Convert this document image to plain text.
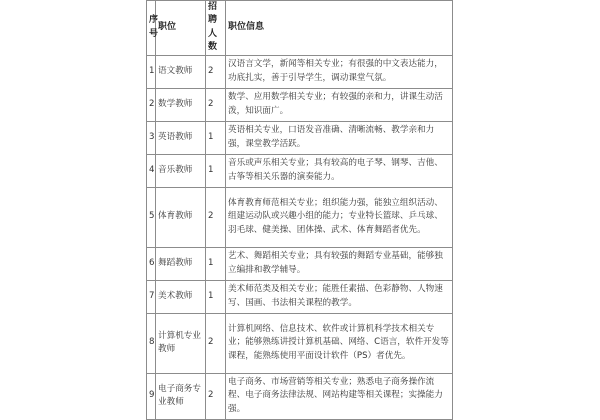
序号	职位	招聘人数	职位信息
1	语文教师	2	汉语言文学，新闻等相关专业；有很强的中文表达能力，功底扎实，善于引导学生，调动课堂气氛。
2	数学教师	2	数学、应用数学相关专业；有较强的亲和力，讲课生动活泼，知识面广。
3	英语教师	1	英语相关专业，口语发音准确、清晰流畅、教学亲和力强，课堂教学活跃。
4	音乐教师	1	音乐或声乐相关专业；具有较高的电子琴、钢琴、吉他、古筝等相关乐器的演奏能力。
5	体育教师	2	体育教育师范相关专业；组织能力强，能独立组织活动、组建运动队或兴趣小组的能力；专业特长篮球、乒乓球、羽毛球、健美操、团体操、武术、体育舞蹈者优先。
6	舞蹈教师	1	艺术、舞蹈相关专业；具有较强的舞蹈专业基础，能够独立编排和教学辅导。
7	美术教师	1	美术师范类及相关专业；能胜任素描、色彩静物、人物速写、国画、书法相关课程的教学。
8	计算机专业教师	2	计算机网络、信息技术、软件或计算机科学技术相关专业；能够熟练讲授计算机基础、网络、C语言，软件开发等课程，能熟练使用平面设计软件（PS）者优先。
9	电子商务专业教师	2	电子商务、市场营销等相关专业；熟悉电子商务操作流程、电子商务法律法规、网站构建等相关课程；实操能力强。
